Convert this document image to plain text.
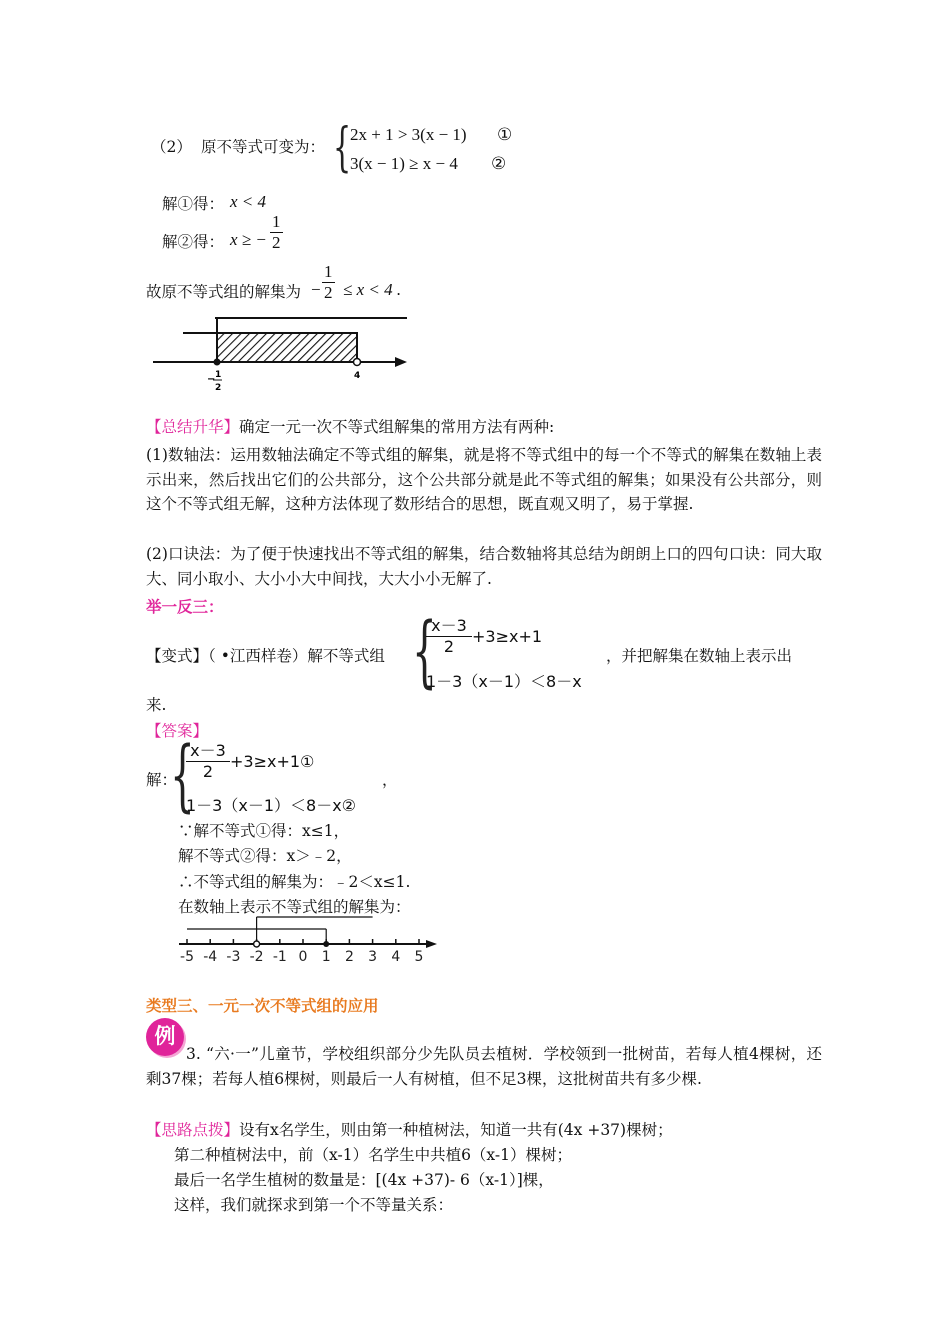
（2） 原不等式可变为： {
2x + 1 > 3(x − 1) ①
3(x − 1) ≥ x − 4 ②
解①得： x < 4
解②得： x ≥ − $\frac{1}{2}$
故原不等式组的解集为 − $\frac{1}{2} \le x < 4$ .
− 1
2
4
【总结升华】确定一元一次不等式组解集的常用方法有两种:
(1)数轴法：运用数轴法确定不等式组的解集，就是将不等式组中的每一个不等式的解集在数轴上表示出来，然后找出它们的公共部分，这个公共部分就是此不等式组的解集；如果没有公共部分，则这个不等式组无解，这种方法体现了数形结合的思想，既直观又明了，易于掌握.
(2)口诀法：为了便于快速找出不等式组的解集，结合数轴将其总结为朗朗上口的四句口诀：同大取大、同小取小、大小小大中间找，大大小小无解了.
举一反三：
【变式】（ •江西样卷）解不等式组 {
$\frac{x-3}{2} +3\ge x+1$
1－3（x－1）＜8－x
，并把解集在数轴上表示出
来.
【答案】
解：
{
$\frac{x-3}{2}$ +3≥x+1①
1－3（x－1）＜8－x②
，
∵解不等式①得：x≤1，
解不等式②得：x＞﹣2，
∴不等式组的解集为：﹣2＜x≤1.
在数轴上表示不等式组的解集为：
-5 -4 -3 -2 -1 0 1 2 3 4 5
类型三、一元一次不等式组的应用
例
3. “六·一”儿童节，学校组织部分少先队员去植树．学校领到一批树苗，若每人植4棵树，还剩37棵；若每人植6棵树，则最后一人有树植，但不足3棵，这批树苗共有多少棵.
【思路点拨】设有x名学生，则由第一种植树法，知道一共有(4x +37)棵树；
第二种植树法中，前（x-1）名学生中共植6（x-1）棵树；
最后一名学生植树的数量是：[(4x +37)- 6（x-1）]棵，
这样，我们就探求到第一个不等量关系：
